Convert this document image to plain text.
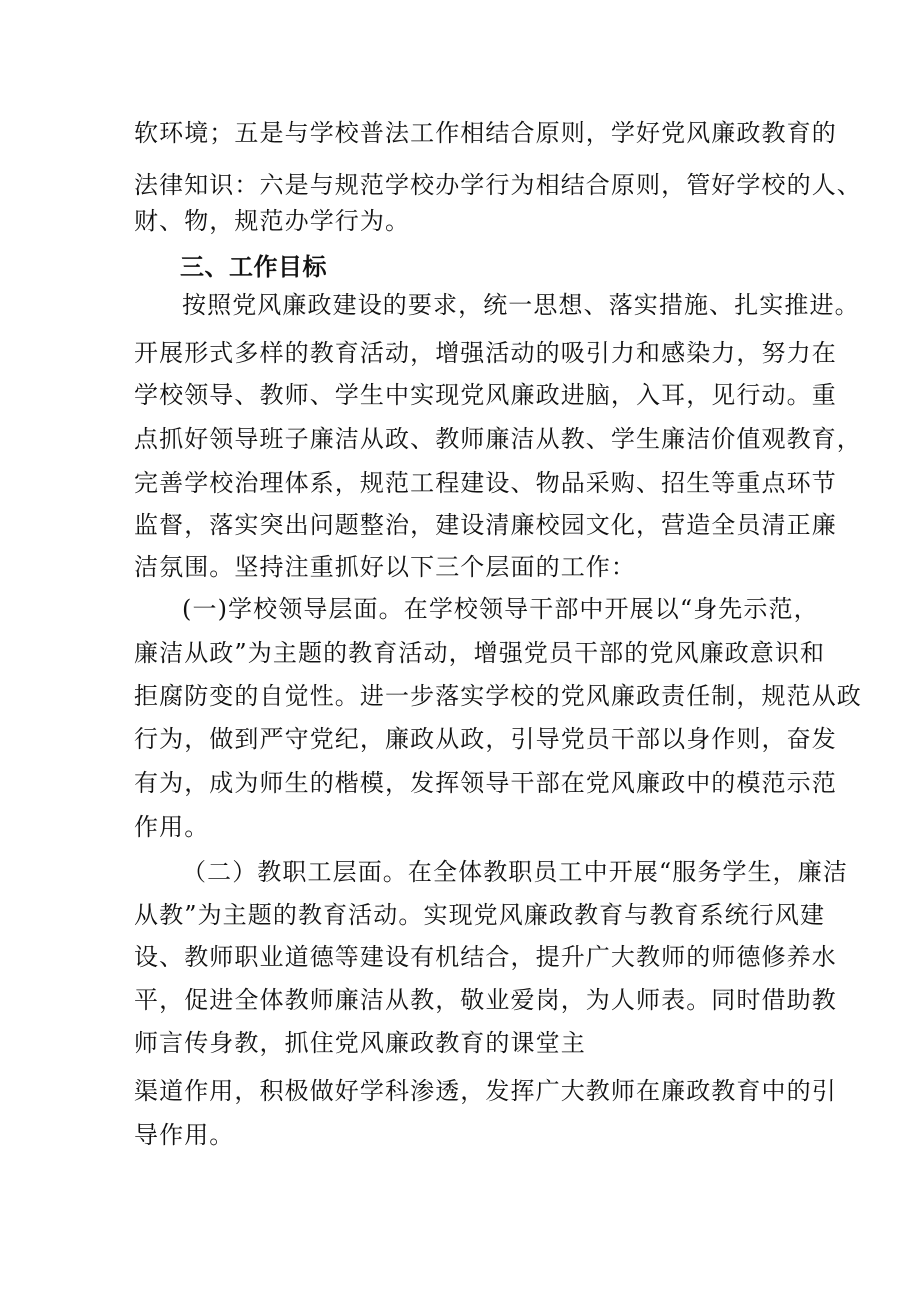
软环境；五是与学校普法工作相结合原则，学好党风廉政教育的
法律知识：六是与规范学校办学行为相结合原则，管好学校的人、
财、物，规范办学行为。
三、工作目标
按照党风廉政建设的要求，统一思想、落实措施、扎实推进。
开展形式多样的教育活动，增强活动的吸引力和感染力，努力在
学校领导、教师、学生中实现党风廉政进脑，入耳，见行动。重
点抓好领导班子廉洁从政、教师廉洁从教、学生廉洁价值观教育，
完善学校治理体系，规范工程建设、物品采购、招生等重点环节
监督，落实突出问题整治，建设清廉校园文化，营造全员清正廉
洁氛围。坚持注重抓好以下三个层面的工作：
(一)学校领导层面。在学校领导干部中开展以“身先示范，
廉洁从政”为主题的教育活动，增强党员干部的党风廉政意识和
拒腐防变的自觉性。进一步落实学校的党风廉政责任制，规范从政
行为，做到严守党纪，廉政从政，引导党员干部以身作则，奋发
有为，成为师生的楷模，发挥领导干部在党风廉政中的模范示范
作用。
（二）教职工层面。在全体教职员工中开展“服务学生，廉洁
从教”为主题的教育活动。实现党风廉政教育与教育系统行风建
设、教师职业道德等建设有机结合，提升广大教师的师德修养水
平，促进全体教师廉洁从教，敬业爱岗，为人师表。同时借助教
师言传身教，抓住党风廉政教育的课堂主
渠道作用，积极做好学科渗透，发挥广大教师在廉政教育中的引
导作用。
